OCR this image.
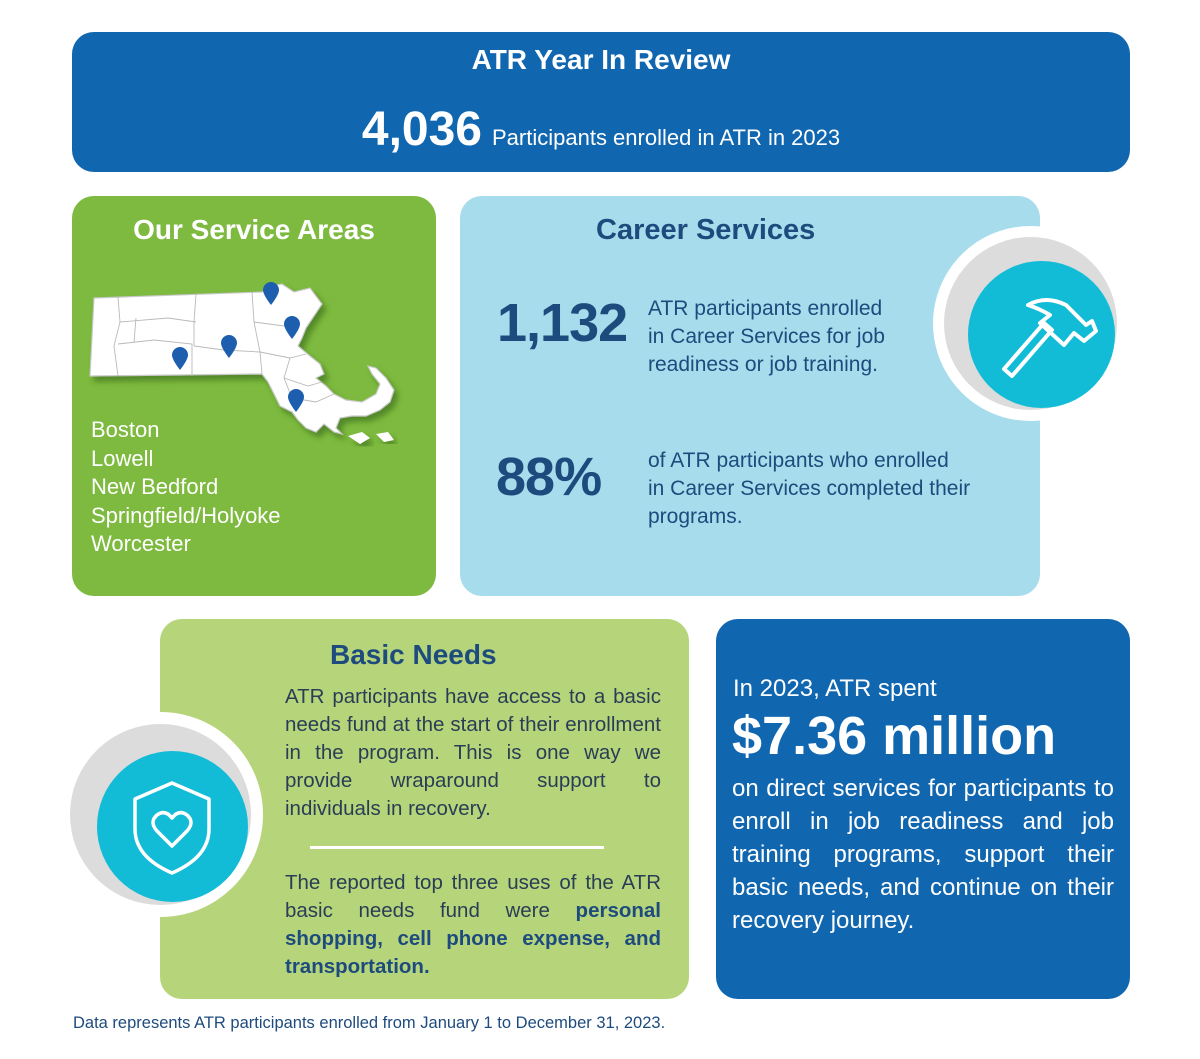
ATR Year In Review
4,036 Participants enrolled in ATR in 2023
Our Service Areas
Boston
Lowell
New Bedford
Springfield/Holyoke
Worcester
Career Services
1,132 ATR participants enrolled
in Career Services for job
readiness or job training.
88% of ATR participants who enrolled
in Career Services completed their
programs.
Basic Needs
ATR participants have access to a basic needs fund at the start of their enrollment in the program. This is one way we provide wraparound support to individuals in recovery.
The reported top three uses of the ATR basic needs fund were personal shopping, cell phone expense, and transportation.
In 2023, ATR spent
$7.36 million
on direct services for participants to enroll in job readiness and job training programs, support their basic needs, and continue on their recovery journey.
Data represents ATR participants enrolled from January 1 to December 31, 2023.
